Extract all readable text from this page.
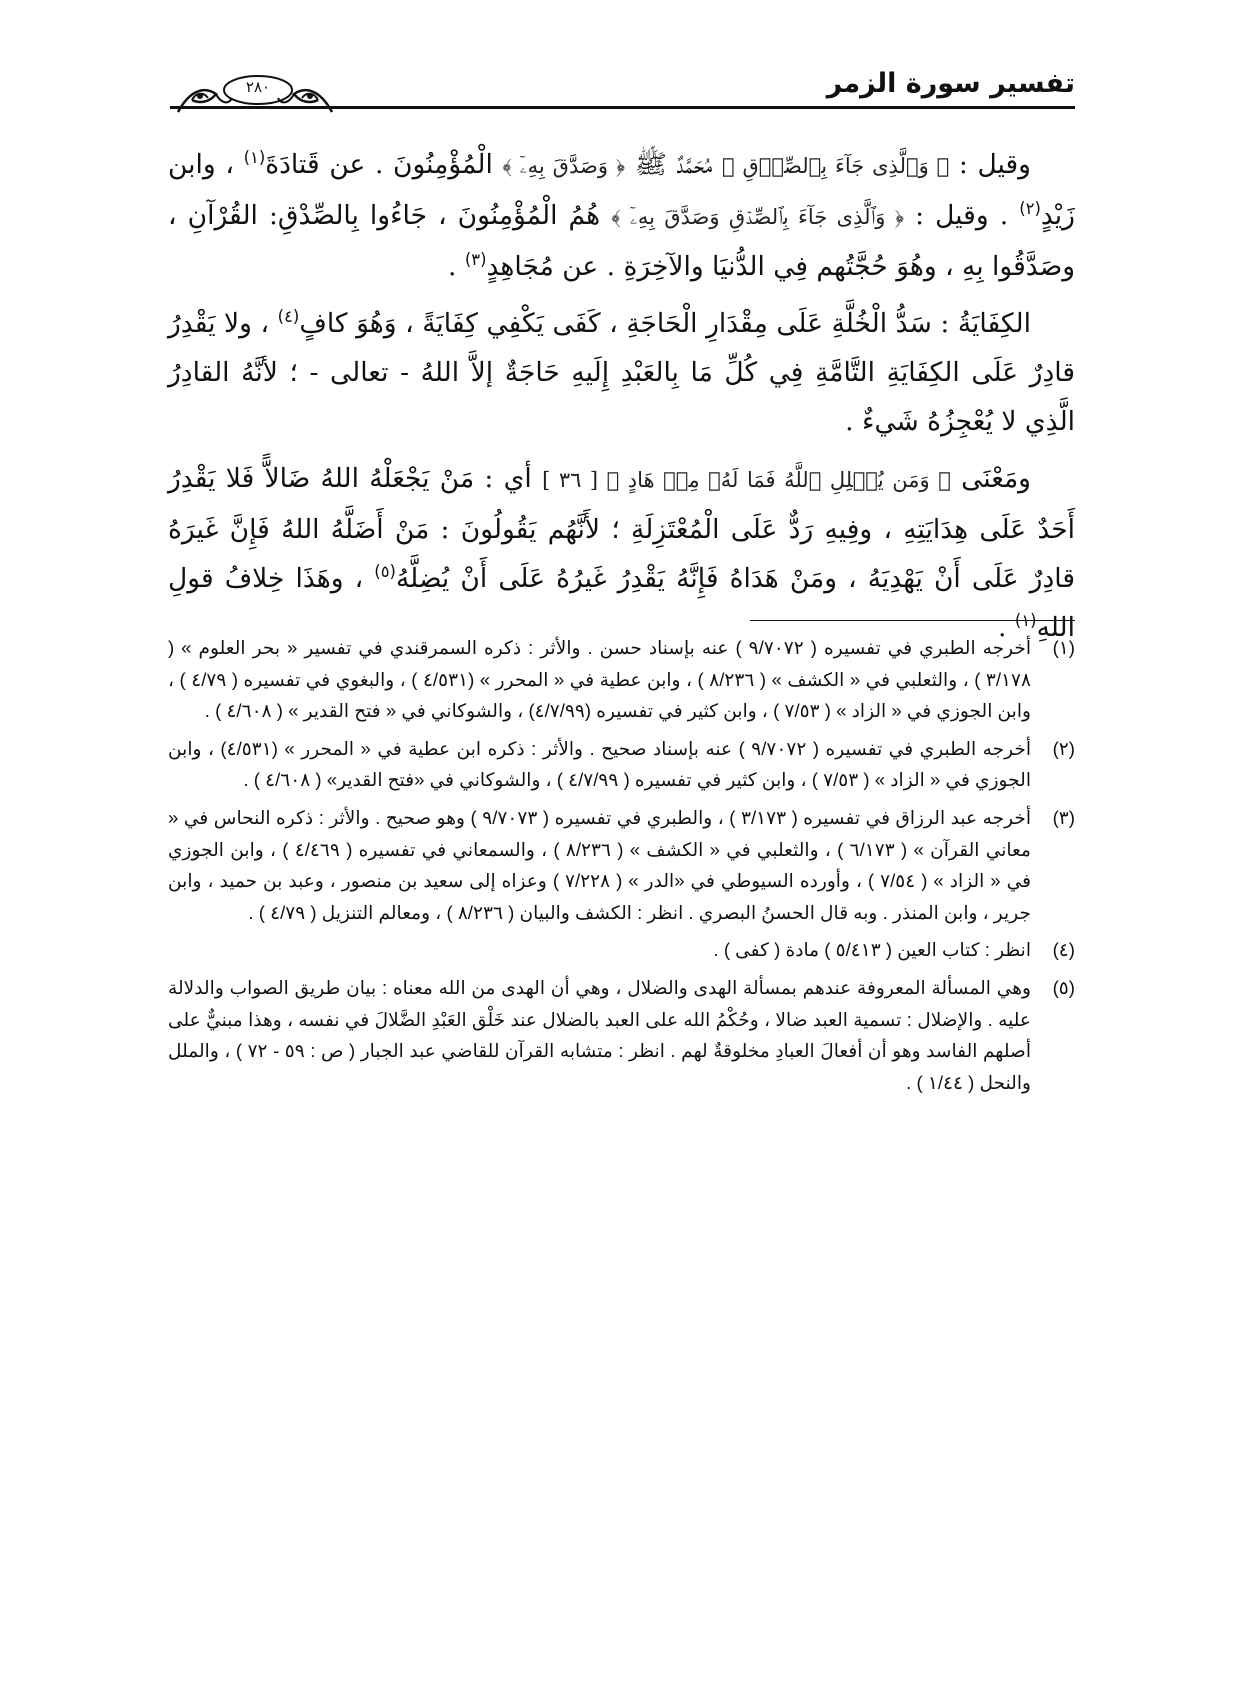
تفسير سورة الزمر
٢٨٠

وقيل : ﴿ وَٱلَّذِى جَآءَ بِٱلصِّدۡقِ ﴾ مُحَمَّدٌ ﷺ ﴿ وَصَدَّقَ بِهِۦٓ ﴾ الْمُؤْمِنُونَ . عن قَتادَةَ$^{(١)}$ ، وابن زَيْدٍ$^{(٢)}$ . وقيل : ﴿ وَٱلَّذِى جَآءَ بِٱلصِّدۡقِ وَصَدَّقَ بِهِۦٓ ﴾ هُمُ الْمُؤْمِنُونَ ، جَاءُوا بِالصِّدْقِ: القُرْآنِ ، وصَدَّقُوا بِهِ ، وهُوَ حُجَّتُهم فِي الدُّنيَا والآخِرَةِ . عن مُجَاهِدٍ$^{(٣)}$ .

الكِفَايَةُ : سَدُّ الْخُلَّةِ عَلَى مِقْدَارِ الْحَاجَةِ ، كَفَى يَكْفِي كِفَايَةً ، وَهُوَ كافٍ$^{(٤)}$ ، ولا يَقْدِرُ قادِرٌ عَلَى الكِفَايَةِ التَّامَّةِ فِي كُلِّ مَا بِالعَبْدِ إِلَيهِ حَاجَةٌ إلاَّ اللهُ - تعالى - ؛ لأنَّهُ القادِرُ الَّذِي لا يُعْجِزُهُ شَيءٌ .

ومَعْنَى ﴿ وَمَن يُضۡلِلِ ٱللَّهُ فَمَا لَهُۥ مِنۡ هَادٍ ﴾ [ ٣٦ ] أي : مَنْ يَجْعَلْهُ اللهُ ضَالاًّ فَلا يَقْدِرُ أَحَدٌ عَلَى هِدَايَتِهِ ، وفِيهِ رَدٌّ عَلَى الْمُعْتَزِلَةِ ؛ لأَنَّهُم يَقُولُونَ : مَنْ أَضَلَّهُ اللهُ فَإِنَّ غَيرَهُ قادِرٌ عَلَى أَنْ يَهْدِيَهُ ، ومَنْ هَدَاهُ فَإِنَّهُ يَقْدِرُ غَيرُهُ عَلَى أَنْ يُضِلَّهُ$^{(٥)}$ ، وهَذَا خِلافُ قولِ اللهِ$^{(١)}$ .

(١)
أخرجه الطبري في تفسيره ( ٩/٧٠٧٢ ) عنه بإسناد حسن . والأثر : ذكره السمرقندي في تفسير « بحر العلوم » ( ٣/١٧٨ ) ، والثعلبي في « الكشف » ( ٨/٢٣٦ ) ، وابن عطية في « المحرر » (٤/٥٣١ ) ، والبغوي في تفسيره ( ٤/٧٩ ) ، وابن الجوزي في « الزاد » ( ٧/٥٣ ) ، وابن كثير في تفسيره (٤/٧/٩٩) ، والشوكاني في « فتح القدير » ( ٤/٦٠٨ ) .
(٢)
أخرجه الطبري في تفسيره ( ٩/٧٠٧٢ ) عنه بإسناد صحيح . والأثر : ذكره ابن عطية في « المحرر » (٤/٥٣١) ، وابن الجوزي في « الزاد » ( ٧/٥٣ ) ، وابن كثير في تفسيره ( ٤/٧/٩٩ ) ، والشوكاني في «فتح القدير» ( ٤/٦٠٨ ) .
(٣)
أخرجه عبد الرزاق في تفسيره ( ٣/١٧٣ ) ، والطبري في تفسيره ( ٩/٧٠٧٣ ) وهو صحيح . والأثر : ذكره النحاس في « معاني القرآن » ( ٦/١٧٣ ) ، والثعلبي في « الكشف » ( ٨/٢٣٦ ) ، والسمعاني في تفسيره ( ٤/٤٦٩ ) ، وابن الجوزي في « الزاد » ( ٧/٥٤ ) ، وأورده السيوطي في «الدر » ( ٧/٢٢٨ ) وعزاه إلى سعيد بن منصور ، وعبد بن حميد ، وابن جرير ، وابن المنذر . وبه قال الحسنُ البصري . انظر : الكشف والبيان ( ٨/٢٣٦ ) ، ومعالم التنزيل ( ٤/٧٩ ) .
(٤)
انظر : كتاب العين ( ٥/٤١٣ ) مادة ( كفى ) .
(٥)
وهي المسألة المعروفة عندهم بمسألة الهدى والضلال ، وهي أن الهدى من الله معناه : بيان طريق الصواب والدلالة عليه . والإضلال : تسمية العبد ضالا ، وحُكْمُ الله على العبد بالضلال عند خَلْق العَبْدِ الضَّلالَ في نفسه ، وهذا مبنيٌّ على أصلهم الفاسد وهو أن أفعالَ العبادِ مخلوقةٌ لهم . انظر : متشابه القرآن للقاضي عبد الجبار ( ص : ٥٩ - ٧٢ ) ، والملل والنحل ( ١/٤٤ ) .
